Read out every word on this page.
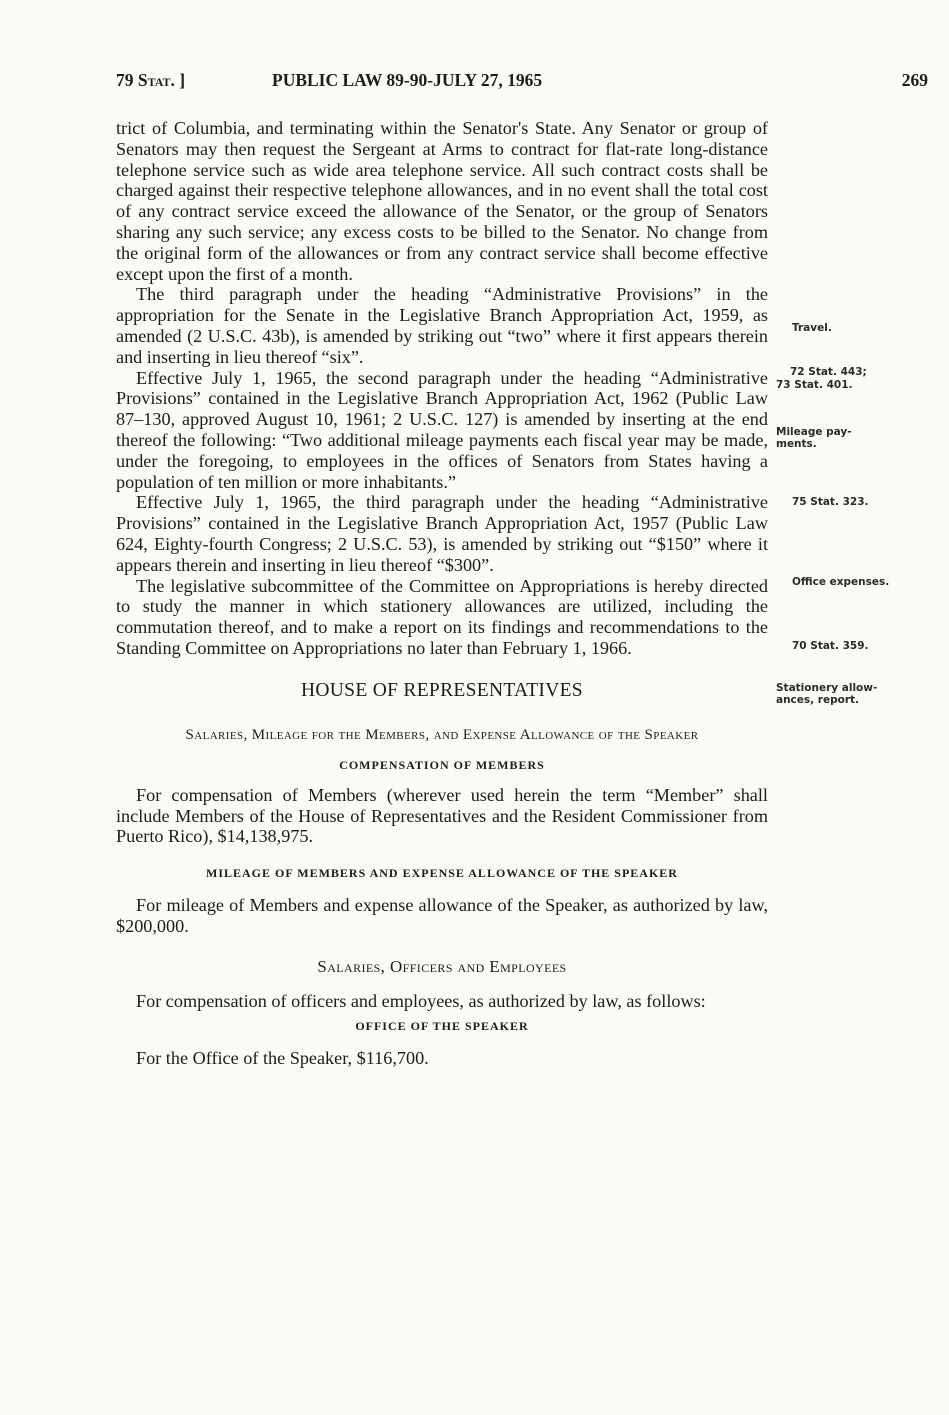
79 Stat. ]	PUBLIC LAW 89-90-JULY 27, 1965	269

trict of Columbia, and terminating within the Senator's State. Any Senator or group of Senators may then request the Sergeant at Arms to contract for flat-rate long-distance telephone service such as wide area telephone service. All such contract costs shall be charged against their respective telephone allowances, and in no event shall the total cost of any contract service exceed the allowance of the Senator, or the group of Senators sharing any such service; any excess costs to be billed to the Senator. No change from the original form of the allowances or from any contract service shall become effective except upon the first of a month.

The third paragraph under the heading “Administrative Provisions” in the appropriation for the Senate in the Legislative Branch Appropriation Act, 1959, as amended (2 U.S.C. 43b), is amended by striking out “two” where it first appears therein and inserting in lieu thereof “six”.

Effective July 1, 1965, the second paragraph under the heading “Administrative Provisions” contained in the Legislative Branch Appropriation Act, 1962 (Public Law 87–130, approved August 10, 1961; 2 U.S.C. 127) is amended by inserting at the end thereof the following: “Two additional mileage payments each fiscal year may be made, under the foregoing, to employees in the offices of Senators from States having a population of ten million or more inhabitants.”

Effective July 1, 1965, the third paragraph under the heading “Administrative Provisions” contained in the Legislative Branch Appropriation Act, 1957 (Public Law 624, Eighty-fourth Congress; 2 U.S.C. 53), is amended by striking out “$150” where it appears therein and inserting in lieu thereof “$300”.

The legislative subcommittee of the Committee on Appropriations is hereby directed to study the manner in which stationery allowances are utilized, including the commutation thereof, and to make a report on its findings and recommendations to the Standing Committee on Appropriations no later than February 1, 1966.

HOUSE OF REPRESENTATIVES
Salaries, Mileage for the Members, and Expense Allowance of the Speaker
COMPENSATION OF MEMBERS

For compensation of Members (wherever used herein the term “Member” shall include Members of the House of Representatives and the Resident Commissioner from Puerto Rico), $14,138,975.

MILEAGE OF MEMBERS AND EXPENSE ALLOWANCE OF THE SPEAKER

For mileage of Members and expense allowance of the Speaker, as authorized by law, $200,000.

Salaries, Officers and Employees

For compensation of officers and employees, as authorized by law, as follows:

OFFICE OF THE SPEAKER

For the Office of the Speaker, $116,700.

Travel.
72 Stat. 443;
73 Stat. 401.
Mileage pay-ments.
75 Stat. 323.
Office expenses.
70 Stat. 359.
Stationery allow-ances, report.
